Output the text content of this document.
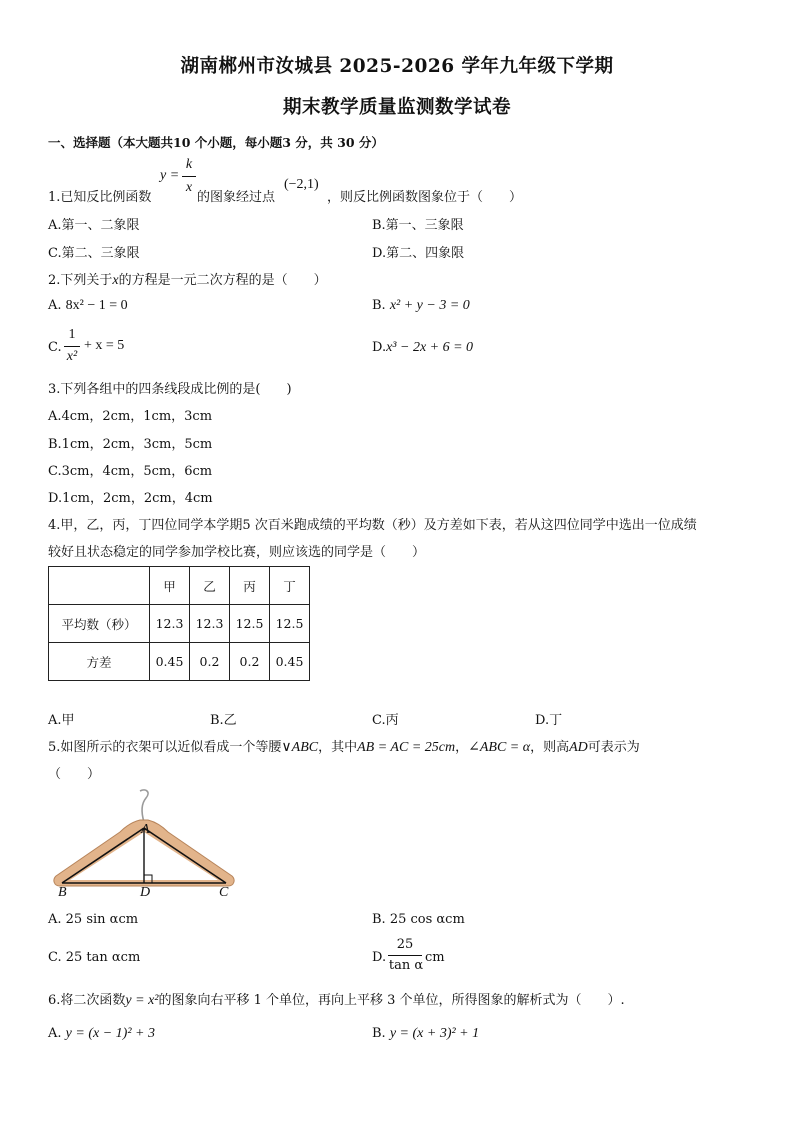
湖南郴州市汝城县 2025-2026 学年九年级下学期
期末教学质量监测数学试卷
一、选择题（本大题共10 个小题，每小题3 分，共 30 分）
1.已知反比例函数
y =
k
x
的图象经过点
(−2,1)
，则反比例函数图象位于（　　）
A.第一、二象限	B.第一、三象限
C.第二、三象限	D.第二、四象限
2.下列关于x的方程是一元二次方程的是（　　）
A. 8x² − 1 = 0	B. x² + y − 3 = 0
C.
1
x²
+ x = 5	D.x³ − 2x + 6 = 0
3.下列各组中的四条线段成比例的是(　　)
A.4cm，2cm，1cm，3cm
B.1cm，2cm，3cm，5cm
C.3cm，4cm，5cm，6cm
D.1cm，2cm，2cm，4cm
4.甲，乙，丙，丁四位同学本学期5 次百米跑成绩的平均数（秒）及方差如下表，若从这四位同学中选出一位成绩
较好且状态稳定的同学参加学校比赛，则应该选的同学是（　　）
	甲	乙	丙	丁
平均数（秒）	12.3	12.3	12.5	12.5
方差	0.45	0.2	0.2	0.45
A.甲	B.乙	C.丙	D.丁
5.如图所示的衣架可以近似看成一个等腰∨ABC，其中AB = AC = 25cm，∠ABC = α，则高AD可表示为
（　　）
A
B	D	C
A. 25 sin αcm	B. 25 cos αcm
C. 25 tan αcm	D.
25
tan α
cm
6.将二次函数y = x²的图象向右平移 1 个单位，再向上平移 3 个单位，所得图象的解析式为（　　）.
A. y = (x − 1)² + 3	B. y = (x + 3)² + 1
